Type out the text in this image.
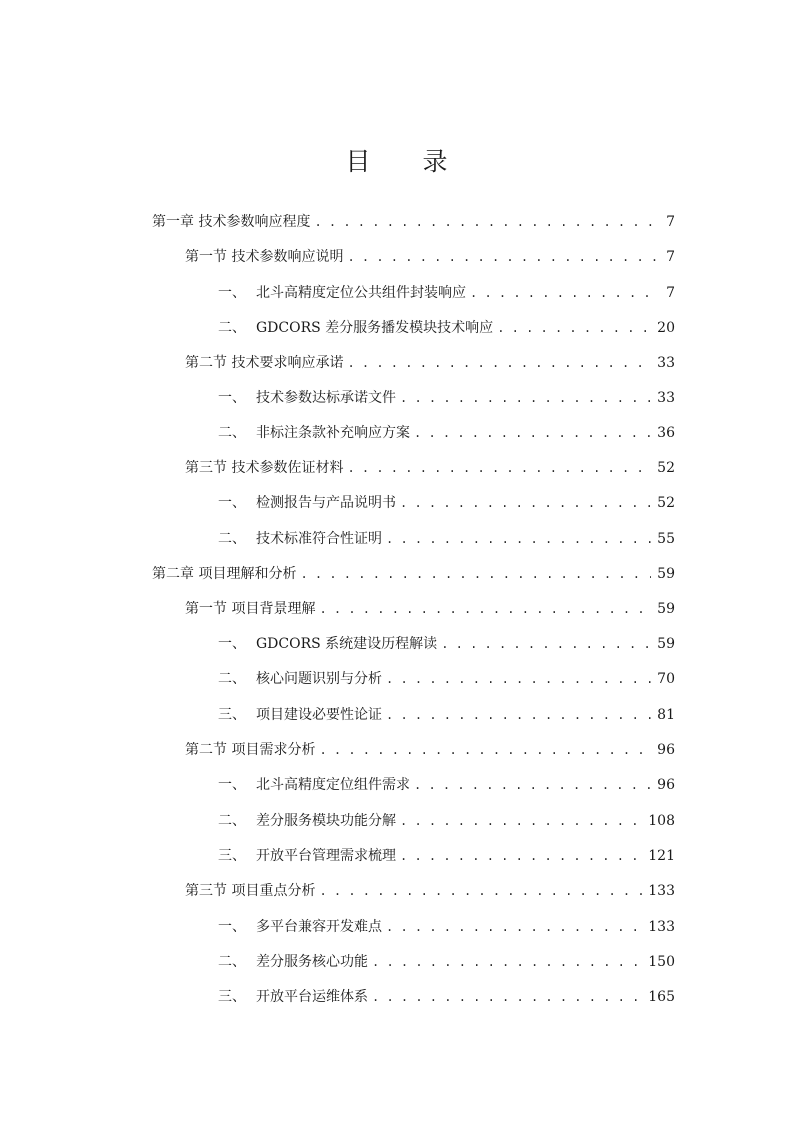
目 录
第一章 技术参数响应程度 . . .	7
第一节 技术参数响应说明 . . .	7
一、 北斗高精度定位公共组件封装响应 . . .	7
二、 GDCORS 差分服务播发模块技术响应 . . .	20
第二节 技术要求响应承诺 . . .	33
一、 技术参数达标承诺文件 . . .	33
二、 非标注条款补充响应方案 . . .	36
第三节 技术参数佐证材料 . . .	52
一、 检测报告与产品说明书 . . .	52
二、 技术标准符合性证明 . . .	55
第二章 项目理解和分析 . . .	59
第一节 项目背景理解 . . .	59
一、 GDCORS 系统建设历程解读 . . .	59
二、 核心问题识别与分析 . . .	70
三、 项目建设必要性论证 . . .	81
第二节 项目需求分析 . . .	96
一、 北斗高精度定位组件需求 . . .	96
二、 差分服务模块功能分解 . . .	108
三、 开放平台管理需求梳理 . . .	121
第三节 项目重点分析 . . .	133
一、 多平台兼容开发难点 . . .	133
二、 差分服务核心功能 . . .	150
三、 开放平台运维体系 . . .	165
